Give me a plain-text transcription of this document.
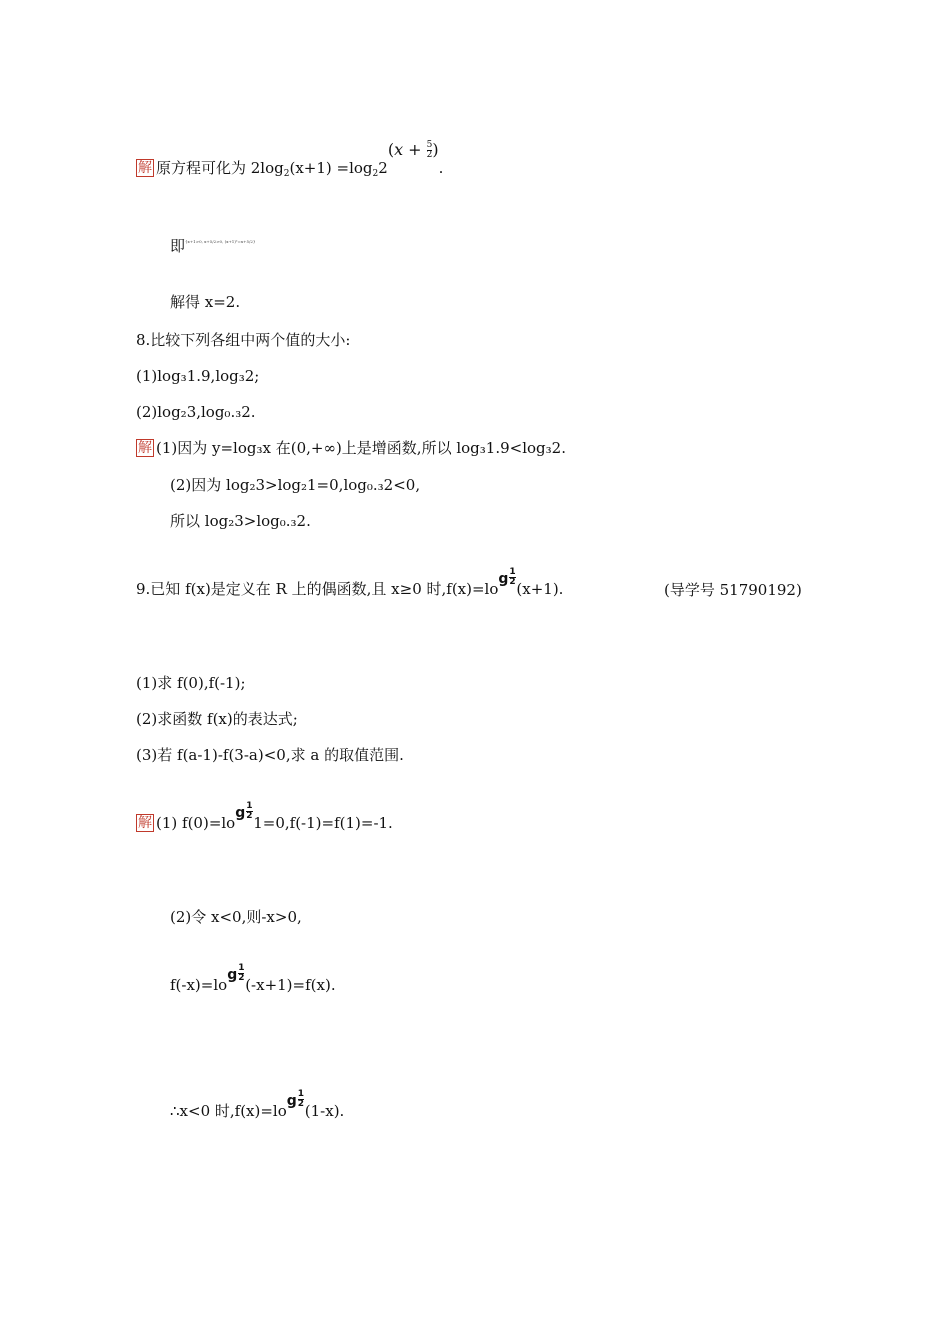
解 原方程可化为 $2\log_2(x+1) =\log_22(x + \frac{5}{2}$ ).
即{x+1>0, x+5/2>0, (x+1)²=x+5/2}
解得 x=2.
8.比较下列各组中两个值的大小:
(1)log₃1.9,log₃2;
(2)log₂3,log₀.₃2.
解 (1)因为 y=log₃x 在(0,+∞)上是增函数,所以 log₃1.9<log₃2.
(2)因为 log₂3>log₂1=0,log₀.₃2<0,
所以 log₂3>log₀.₃2.
9.已知 f(x)是定义在 R 上的偶函数,且 x≥0 时,f(x)=lo
g $\frac{1}{2}$
(x+1).	(导学号 51790192)
(1)求 f(0),f(-1);
(2)求函数 f(x)的表达式;
(3)若 f(a-1)-f(3-a)<0,求 a 的取值范围.
解 (1) f(0)=lo
g $\frac{1}{2}$
1=0,f(-1)=f(1)=-1.
(2)令 x<0,则-x>0,
f(-x)=lo
g $\frac{1}{2}$
(-x+1)=f(x).
∴x<0 时,f(x)=lo
g $\frac{1}{2}$
(1-x).
